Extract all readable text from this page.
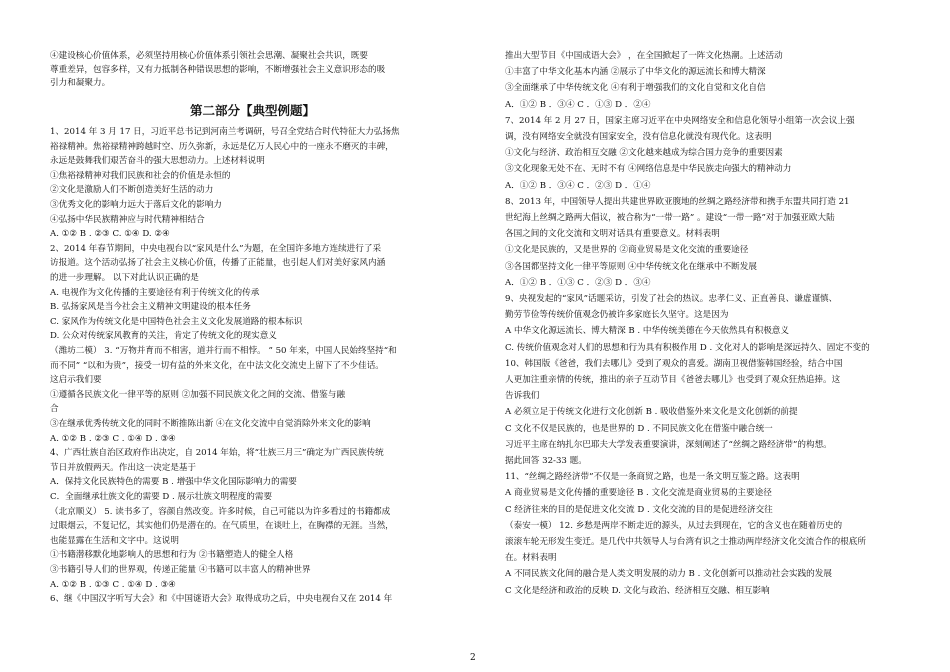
第二部分【典型例题】
④建设核心价值体系，必须坚持用核心价值体系引领社会思潮、凝聚社会共识，既要
尊重差异，包容多样，又有力抵制各种错误思想的影响，不断增强社会主义意识形态的吸
引力和凝聚力。
1、2014 年 3 月 17 日，习近平总书记到河南兰考调研，号召全党结合时代特征大力弘扬焦
裕禄精神。焦裕禄精神跨越时空、历久弥新，永远是亿万人民心中的一座永不磨灭的丰碑，
永远是鼓舞我们艰苦奋斗的强大思想动力。上述材料说明
①焦裕禄精神对我们民族和社会的价值是永恒的
②文化是激励人们不断创造美好生活的动力
③优秀文化的影响力远大于落后文化的影响力
④弘扬中华民族精神应与时代精神相结合
A. ①② B . ②③ C. ①④ D. ②④
2、2014 年春节期间，中央电视台以“家风是什么”为题，在全国许多地方连续进行了采
访报道。这个活动弘扬了社会主义核心价值，传播了正能量，也引起人们对美好家风内涵
的进一步理解。 以下对此认识正确的是
A. 电视作为文化传播的主要途径有利于传统文化的传承
B. 弘扬家风是当今社会主义精神文明建设的根本任务
C. 家风作为传统文化是中国特色社会主义文化发展道路的根本标识
D. 公众对传统家风教育的关注，肯定了传统文化的现实意义
（潍坊二模） 3. “万物并育而不相害，道并行而不相悖。 ” 50 年来，中国人民始终坚持“和
而不同” “以和为贵”，接受一切有益的外来文化，在中法文化交流史上留下了不少佳话。
这启示我们要
①遵循各民族文化一律平等的原则 ②加强不同民族文化之间的交流、借鉴与融
合
③在继承优秀传统文化的同时不断推陈出新 ④在文化交流中自觉消除外来文化的影响
A. ①② B . ②③ C . ①④ D . ③④
4、广西壮族自治区政府作出决定，自 2014 年始，将“壮族三月三”确定为广西民族传统
节日并放假两天。作出这一决定是基于
A．保持文化民族特色的需要 B . 增强中华文化国际影响力的需要
C．全面继承壮族文化的需要 D . 展示壮族文明程度的需要
（北京顺义） 5. 读书多了，容颜自然改变。许多时候，自己可能以为许多看过的书籍都成
过眼烟云，不复记忆，其实他们仍是潜在的。在气质里，在谈吐上，在胸襟的无涯。当然，
也能显露在生活和文字中。这说明
①书籍潜移默化地影响人的思想和行为 ②书籍塑造人的健全人格
③书籍引导人们的世界观，传递正能量 ④书籍可以丰富人的精神世界
A. ①② B . ①③ C . ①④ D . ③④
6、继《中国汉字听写大会》和《中国谜语大会》取得成功之后，中央电视台又在 2014 年
推出大型节目《中国成语大会》 ，在全国掀起了一阵文化热潮。上述活动
①丰富了中华文化基本内涵 ②展示了中华文化的源远流长和博大精深
③全面继承了中华传统文化 ④有利于增强我们的文化自觉和文化自信
A．①② B ．③④ C ．①③ D ．②④
7、2014 年 2 月 27 日，国家主席习近平在中央网络安全和信息化领导小组第一次会议上强
调，没有网络安全就没有国家安全，没有信息化就没有现代化。这表明
①文化与经济、政治相互交融 ②文化越来越成为综合国力竞争的重要因素
③文化现象无处不在、无时不有 ④网络信息是中华民族走向强大的精神动力
A．①② B ．③④ C ．②③ D ．①④
8、2013 年，中国领导人提出共建世界欧亚腹地的丝绸之路经济带和携手东盟共同打造 21
世纪海上丝绸之路两大倡议，被合称为“一带一路” 。建设“一带一路”对于加强亚欧大陆
各国之间的文化交流和文明对话具有重要意义。材料表明
①文化是民族的，又是世界的 ②商业贸易是文化交流的重要途径
③各国都坚持文化一律平等原则 ④中华传统文化在继承中不断发展
A．①② B ．①③ C ．②③ D ．③④
9、央视发起的“家风”话题采访，引发了社会的热议。忠孝仁义、正直善良、谦虚谨慎、
勤劳节俭等传统价值观念仍被许多家庭长久坚守。这是因为
A 中华文化源远流长、博大精深 B . 中华传统美德在今天依然具有积极意义
C. 传统价值观念对人们的思想和行为具有积极作用 D . 文化对人的影响是深远持久、固定不变的
10、韩国版《爸爸，我们去哪儿》受到了观众的喜爱。湖南卫视借鉴韩国经验，结合中国
人更加注重亲情的传统，推出的亲子互动节目《爸爸去哪儿》也受到了观众狂热追捧。这
告诉我们
A 必须立足于传统文化进行文化创新 B . 吸收借鉴外来文化是文化创新的前提
C 文化不仅是民族的，也是世界的 D . 不同民族文化在借鉴中融合统一
习近平主席在纳扎尔巴耶夫大学发表重要演讲，深刻阐述了“丝绸之路经济带”的构想。
据此回答 32-33 题。
11、“丝绸之路经济带”不仅是一条商贸之路，也是一条文明互鉴之路。这表明
A 商业贸易是文化传播的重要途径 B . 文化交流是商业贸易的主要途径
C 经济往来的目的是促进文化交流 D . 文化交流的目的是促进经济交往
（泰安一模） 12. 乡愁是两岸不断走近的源头，从过去到现在，它的含义也在随着历史的
滚滚车轮无形发生变迁。是几代中共领导人与台湾有识之士推动两岸经济文化交流合作的根底所
在。材料表明
A 不同民族文化间的融合是人类文明发展的动力 B . 文化创新可以推动社会实践的发展
C 文化是经济和政治的反映 D. 文化与政治、经济相互交融、相互影响
2
